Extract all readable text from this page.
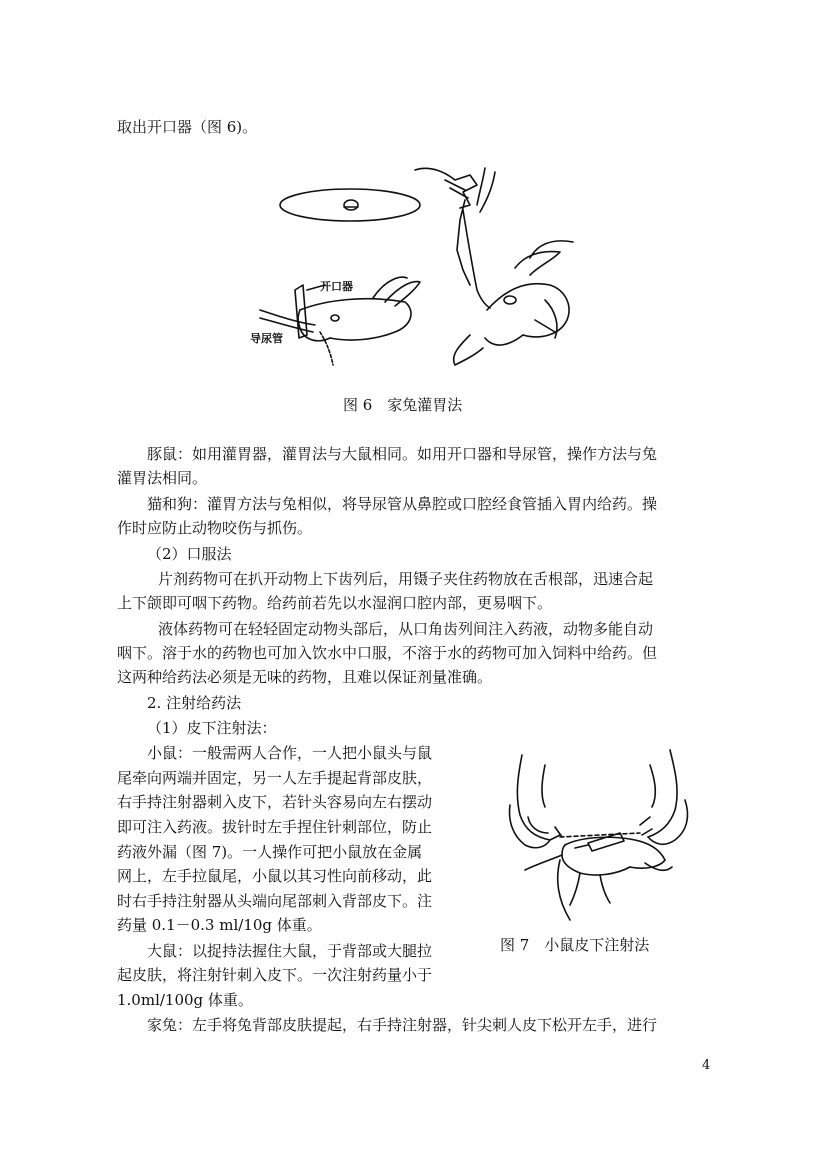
取出开口器（图 6)。

开口器
导尿管
图 6　家兔灌胃法

豚鼠：如用灌胃器，灌胃法与大鼠相同。如用开口器和导尿管，操作方法与兔

灌胃法相同。

猫和狗：灌胃方法与兔相似，将导尿管从鼻腔或口腔经食管插入胃内给药。操

作时应防止动物咬伤与抓伤。

（2）口服法

片剂药物可在扒开动物上下齿列后，用镊子夹住药物放在舌根部，迅速合起

上下颌即可咽下药物。给药前若先以水湿润口腔内部，更易咽下。

液体药物可在轻轻固定动物头部后，从口角齿列间注入药液，动物多能自动

咽下。溶于水的药物也可加入饮水中口服，不溶于水的药物可加入饲料中给药。但

这两种给药法必须是无味的药物，且难以保证剂量准确。

2. 注射给药法

（1）皮下注射法：

小鼠：一般需两人合作，一人把小鼠头与鼠

尾牵向两端并固定，另一人左手提起背部皮肤，

右手持注射器刺入皮下，若针头容易向左右摆动

即可注入药液。拔针时左手捏住针刺部位，防止

药液外漏（图 7)。一人操作可把小鼠放在金属

网上，左手拉鼠尾，小鼠以其习性向前移动，此

时右手持注射器从头端向尾部刺入背部皮下。注

药量 0.1－0.3 ml/10g 体重。

大鼠：以捉持法握住大鼠，于背部或大腿拉

起皮肤，将注射针刺入皮下。一次注射药量小于

1.0ml/100g 体重。

家兔：左手将兔背部皮肤提起，右手持注射器，针尖刺人皮下松开左手，进行

图 7　小鼠皮下注射法
4
